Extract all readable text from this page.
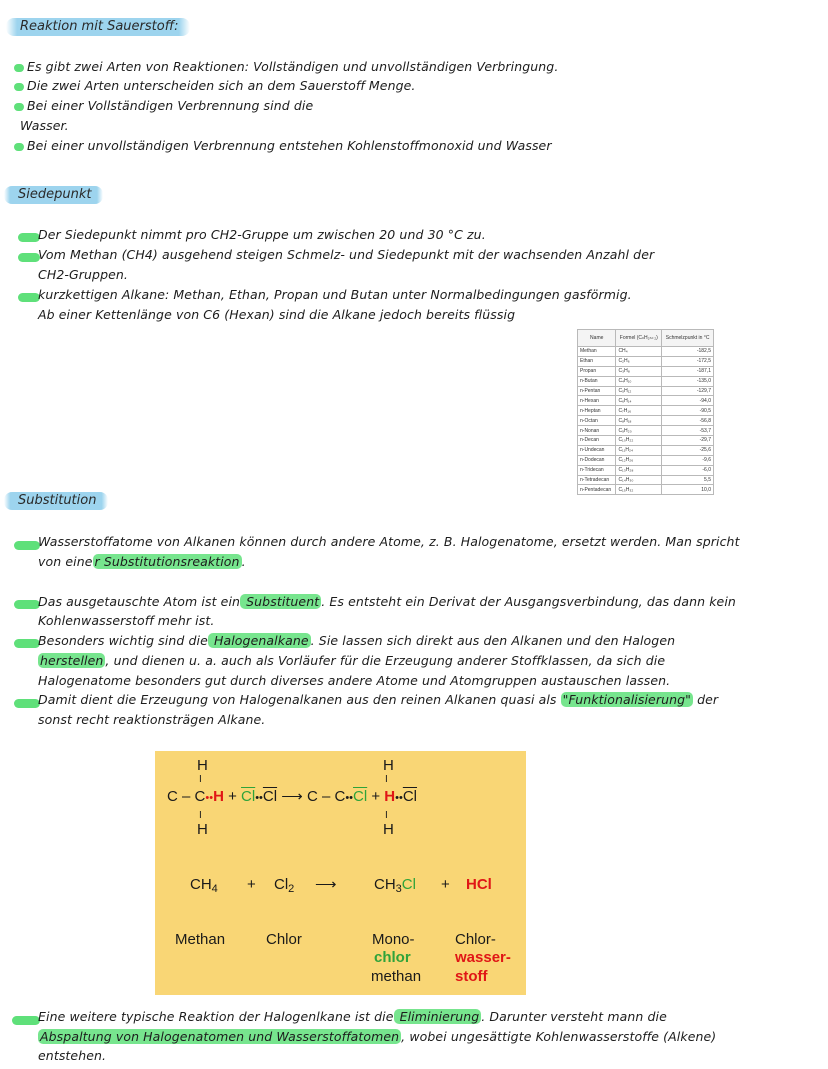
Reaktion mit Sauerstoff:
Es gibt zwei Arten von Reaktionen: Vollständigen und unvollständigen Verbringung.
Die zwei Arten unterscheiden sich an dem Sauerstoff Menge.
Bei einer Vollständigen Verbrennung sind die
Wasser.
Bei einer unvollständigen Verbrennung entstehen Kohlenstoffmonoxid und Wasser
Siedepunkt
Der Siedepunkt nimmt pro CH2-Gruppe um zwischen 20 und 30 °C zu.
Vom Methan (CH4) ausgehend steigen Schmelz- und Siedepunkt mit der wachsenden Anzahl der
CH2-Gruppen.
kurzkettigen Alkane: Methan, Ethan, Propan und Butan unter Normalbedingungen gasförmig.
Ab einer Kettenlänge von C6 (Hexan) sind die Alkane jedoch bereits flüssig
Name	Formel (CₙH₂ₙ₊₂)	Schmelzpunkt in °C
Methan	CH₄	-182,5
Ethan	C₂H₆	-172,5
Propan	C₃H₈	-187,1
n-Butan	C₄H₁₀	-135,0
n-Pentan	C₅H₁₂	-129,7
n-Hexan	C₆H₁₄	-94,0
n-Heptan	C₇H₁₆	-90,5
n-Octan	C₈H₁₈	-56,8
n-Nonan	C₉H₂₀	-53,7
n-Decan	C₁₀H₂₂	-29,7
n-Undecan	C₁₁H₂₄	-25,6
n-Dodecan	C₁₂H₂₆	-9,6
n-Tridecan	C₁₃H₂₈	-6,0
n-Tetradecan	C₁₄H₃₀	5,5
n-Pentadecan	C₁₅H₃₂	10,0
Substitution
Wasserstoffatome von Alkanen können durch andere Atome, z. B. Halogenatome, ersetzt werden. Man spricht
von eine r Substitutionsreaktion .
Das ausgetauschte Atom ist ein Substituent . Es entsteht ein Derivat der Ausgangsverbindung, das dann kein
Kohlenwasserstoff mehr ist.
Besonders wichtig sind die Halogenalkane . Sie lassen sich direkt aus den Alkanen und den Halogen
herstellen , und dienen u. a. auch als Vorläufer für die Erzeugung anderer Stoffklassen, da sich die
Halogenatome besonders gut durch diverses andere Atome und Atomgruppen austauschen lassen.
Damit dient die Erzeugung von Halogenalkanen aus den reinen Alkanen quasi als "Funktionalisierung" der
sonst recht reaktionsträgen Alkane.
H
I
H
I
C – C••H + $\overline{Cl}••\overline{Cl}$ ⟶ C – $C••\overline{Cl}$ + $H••\overline{Cl}$
I
H
I
H
$CH_4 + Cl_2$ ⟶ $CH_3Cl$ + HCl
Methan	Chlor	Mono-
chlor
methan
Chlor-
wasser-
stoff
Eine weitere typische Reaktion der Halogenlkane ist die Eliminierung . Darunter versteht mann die
Abspaltung von Halogenatomen und Wasserstoffatomen , wobei ungesättigte Kohlenwasserstoffe (Alkene)
entstehen.
